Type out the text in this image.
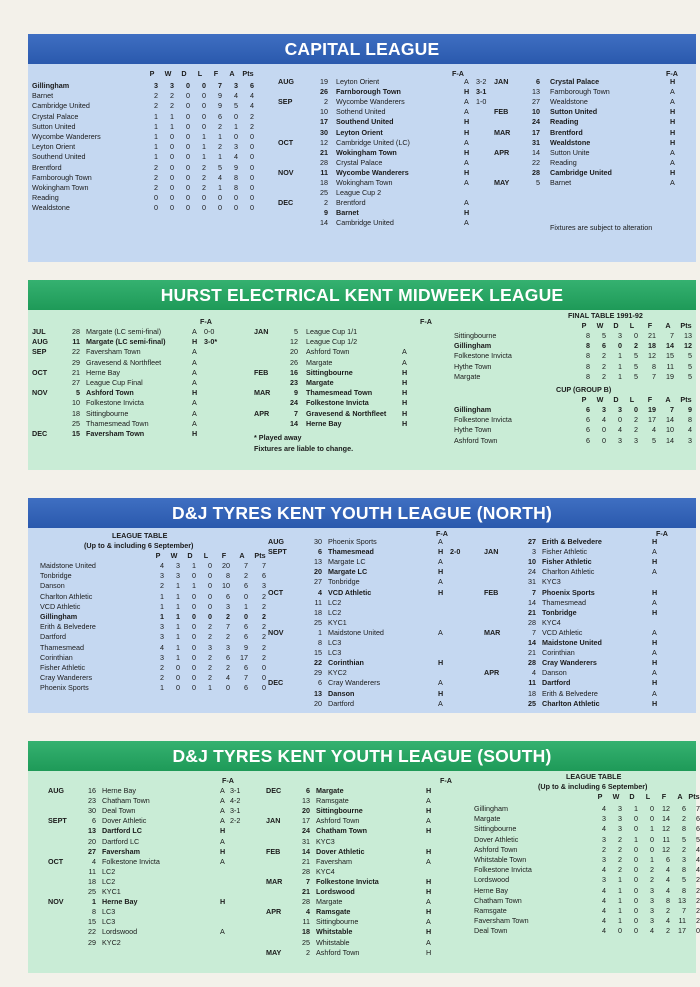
CAPITAL LEAGUE
P	W	D	L	F	A	Pts
Gillingham	3	3	0	0	7	3	6
Barnet	2	2	0	0	9	4	4
Cambridge United	2	2	0	0	9	5	4
Crystal Palace	1	1	0	0	6	0	2
Sutton United	1	1	0	0	2	1	2
Wycombe Wanderers	1	0	0	1	1	0	0
Leyton Orient	1	0	0	1	2	3	0
Southend United	1	0	0	1	1	4	0
Brentford	2	0	0	2	5	9	0
Farnborough Town	2	0	0	2	4	8	0
Wokingham Town	2	0	0	2	1	8	0
Reading	0	0	0	0	0	0	0
Wealdstone	0	0	0	0	0	0	0
F-A
AUG	19 Leyton Orient	A	3-2
26 Farnborough Town	H 3-1
SEP	2 Wycombe Wanderers	A	1-0
10 Sothend United	A
17 Southend United	H
30 Leyton Orient	H
OCT	12 Cambridge United (LC)	A
21 Wokingham Town	H
28 Crystal Palace	A
NOV	11 Wycombe Wanderers	H
18 Wokingham Town	A
25 League Cup 2
DEC	2 Brentford	A
9 Barnet	H
14 Cambridge United	A
F-A
JAN	6 Crystal Palace	H
13 Farnborough Town	A
27 Wealdstone	A
FEB	10 Sutton United	H
24 Reading	H
MAR	17 Brentford	H
31 Wealdstone	H
APR	14 Sutton Unite	A
22 Reading	A
28 Cambridge United	H
MAY	5 Barnet	A
Fixtures are subject to alteration
HURST ELECTRICAL KENT MIDWEEK LEAGUE
F-A
JUL	28 Margate (LC semi-final)	A	0-0
AUG	11 Margate (LC semi-final)	H 3-0*
SEP	22 Faversham Town	A
29 Gravesend & Northfleet	A
OCT	21 Herne Bay	A
27 League Cup Final	A
NOV	5 Ashford Town	H
10 Folkestone Invicta	A
18 Sittingbourne	A
25 Thamesmead Town	A
DEC	15 Faversham Town	H
F-A
JAN	5 League Cup 1/1
12 League Cup 1/2
20 Ashford Town	A
26 Margate	A
FEB	16 Sittingbourne	H
23 Margate	H
MAR	9 Thamesmead Town	H
24 Folkestone Invicta	H
APR	7 Gravesend & Northfleet	H
14 Herne Bay	H
* Played away
Fixtures are liable to change.
FINAL TABLE 1991-92
P	W	D	L	F	A	Pts
Sittingbourne	8	5	3	0	21	7	13
Gillingham	8	6	0	2	18	14	12
Folkestone Invicta	8	2	1	5	12	15	5
Hythe Town	8	2	1	5	8	11	5
Margate	8	2	1	5	7	19	5
CUP (GROUP B)
P	W	D	L	F	A	Pts
Gillingham	6	3	3	0	19	7	9
Folkestone Invicta	6	4	0	2	17	14	8
Hythe Town	6	0	4	2	4	10	4
Ashford Town	6	0	3	3	5	14	3
D&J TYRES KENT YOUTH LEAGUE (NORTH)
LEAGUE TABLE
(Up to & including 6 September)
P	W	D	L	F	A	Pts
Maidstone United	4	3	1	0	20	7	7
Tonbridge	3	3	0	0	8	2	6
Danson	2	1	1	0	10	6	3
Charlton Athletic	1	1	0	0	6	0	2
VCD Athletic	1	1	0	0	3	1	2
Gillingham	1	1	0	0	2	0	2
Erith & Belvedere	3	1	0	2	7	6	2
Dartford	3	1	0	2	2	6	2
Thamesmead	4	1	0	3	3	9	2
Corinthian	3	1	0	2	6	17	2
Fisher Athletic	2	0	0	2	2	6	0
Cray Wanderers	2	0	0	2	4	7	0
Phoenix Sports	1	0	0	1	0	6	0
F-A
AUG	30 Phoenix Sports	A
SEPT	6 Thamesmead	H 2-0
13 Margate LC	A
20 Margate LC	H
27 Tonbridge	A
OCT	4 VCD Athletic	H
11 LC2
18 LC2
25 KYC1
NOV	1 Maidstone United	A
8 LC3
15 LC3
22 Corinthian	H
29 KYC2
DEC	6 Cray Wanderers	A
13 Danson	H
20 Dartford	A
F-A
27 Erith & Belvedere	H
JAN	3 Fisher Athletic	A
10 Fisher Athletic	H
24 Charlton Athletic	A
31 KYC3
FEB	7 Phoenix Sports	H
14 Thamesmead	A
21 Tonbridge	H
28 KYC4
MAR	7 VCD Athletic	A
14 Maidstone United	H
21 Corinthian	A
28 Cray Wanderers	H
APR	4 Danson	A
11 Dartford	H
18 Erith & Belvedere	A
25 Charlton Athletic	H
D&J TYRES KENT YOUTH LEAGUE (SOUTH)
F-A
AUG	16 Herne Bay	A 3-1
23 Chatham Town	A 4-2
30 Deal Town	A 3-1
SEPT	6 Dover Athletic	A 2-2
13 Dartford LC	H
20 Dartford LC	A
27 Faversham	H
OCT	4 Folkestone Invicta	A
11 LC2
18 LC2
25 KYC1
NOV	1 Herne Bay	H
8 LC3
15 LC3
22 Lordswood	A
29 KYC2
F-A
DEC	6 Margate	H
13 Ramsgate	A
20 Sittingbourne	H
JAN	17 Ashford Town	A
24 Chatham Town	H
31 KYC3
FEB	14 Dover Athletic	H
21 Faversham	A
28 KYC4
MAR	7 Folkestone Invicta	H
21 Lordswood	H
28 Margate	A
APR	4 Ramsgate	H
11 Sittingbourne	A
18 Whitstable	H
25 Whitstable	A
MAY	2 Ashford Town	H
LEAGUE TABLE
(Up to & including 6 September)
P	W	D	L	F	A Pts
Gillingham	4	3	1	0	12	6	7
Margate	3	3	0	0	14	2	6
Sittingbourne	4	3	0	1	12	8	6
Dover Athletic	3	2	1	0	11	5	5
Ashford Town	2	2	0	0	12	2	4
Whitstable Town	3	2	0	1	6	3	4
Folkestone Invicta	4	2	0	2	4	8	4
Lordswood	3	1	0	2	4	5	2
Herne Bay	4	1	0	3	4	8	2
Chatham Town	4	1	0	3	8	13	2
Ramsgate	4	1	0	3	2	7	2
Faversham Town	4	1	0	3	4	11	2
Deal Town	4	0	0	4	2	17	0
